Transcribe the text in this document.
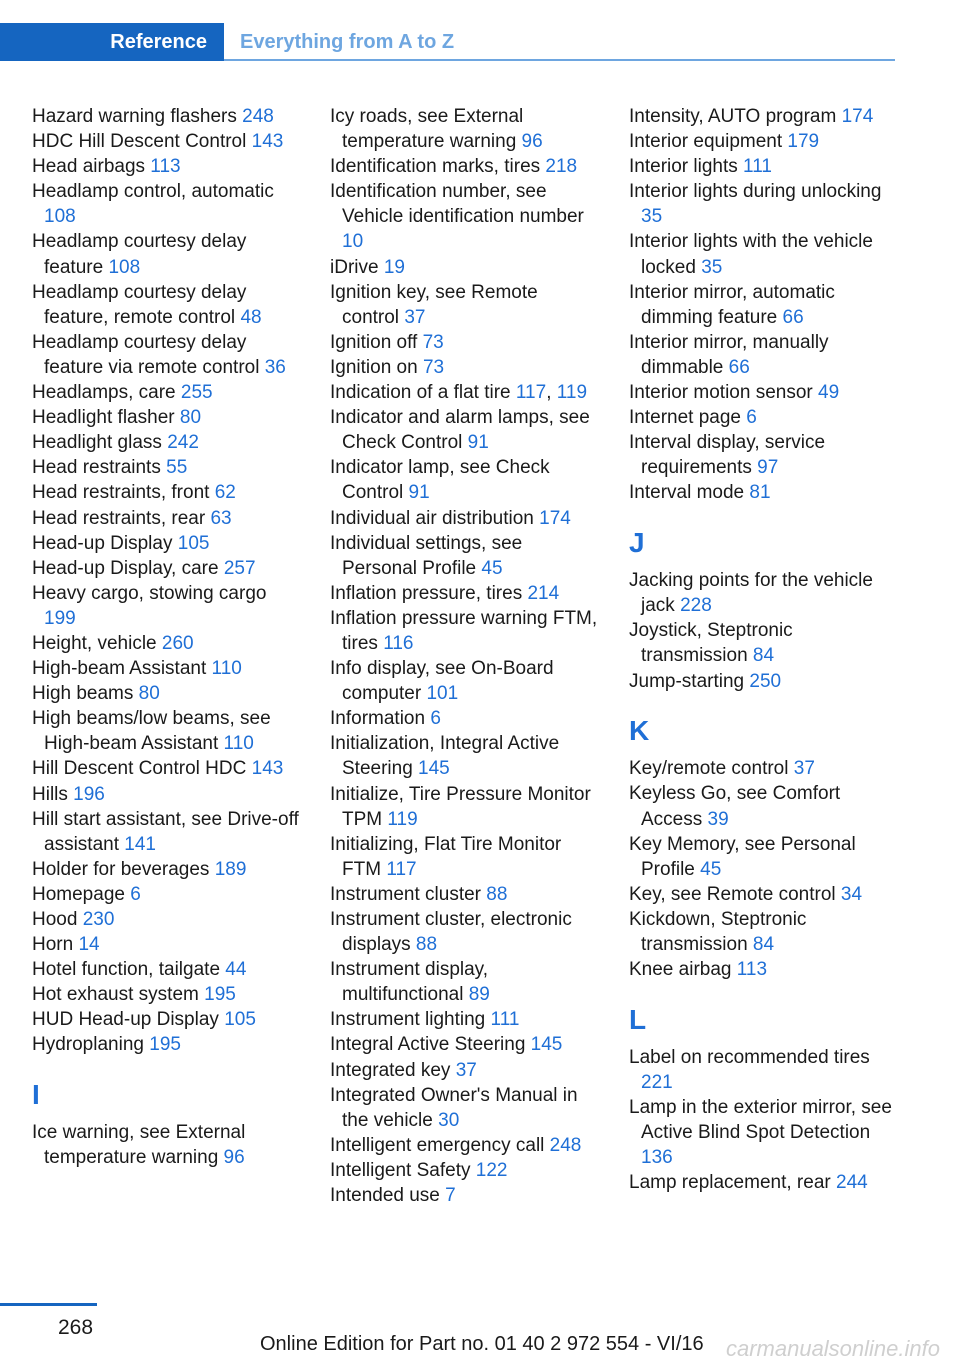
Reference Everything from A to Z

Hazard warning flashers 248

HDC Hill Descent Control 143

Head airbags 113

Headlamp control, automatic 108

Headlamp courtesy delay feature 108

Headlamp courtesy delay feature, remote control 48

Headlamp courtesy delay feature via remote control 36

Headlamps, care 255

Headlight flasher 80

Headlight glass 242

Head restraints 55

Head restraints, front 62

Head restraints, rear 63

Head-up Display 105

Head-up Display, care 257

Heavy cargo, stowing cargo 199

Height, vehicle 260

High-beam Assistant 110

High beams 80

High beams/low beams, see High-beam Assistant 110

Hill Descent Control HDC 143

Hills 196

Hill start assistant, see Drive-off assistant 141

Holder for beverages 189

Homepage 6

Hood 230

Horn 14

Hotel function, tailgate 44

Hot exhaust system 195

HUD Head-up Display 105

Hydroplaning 195

I

Ice warning, see External temperature warning 96

Icy roads, see External temperature warning 96

Identification marks, tires 218

Identification number, see Vehicle identification number 10

iDrive 19

Ignition key, see Remote control 37

Ignition off 73

Ignition on 73

Indication of a flat tire 117, 119

Indicator and alarm lamps, see Check Control 91

Indicator lamp, see Check Control 91

Individual air distribution 174

Individual settings, see Personal Profile 45

Inflation pressure, tires 214

Inflation pressure warning FTM, tires 116

Info display, see On-Board computer 101

Information 6

Initialization, Integral Active Steering 145

Initialize, Tire Pressure Monitor TPM 119

Initializing, Flat Tire Monitor FTM 117

Instrument cluster 88

Instrument cluster, electronic displays 88

Instrument display, multifunctional 89

Instrument lighting 111

Integral Active Steering 145

Integrated key 37

Integrated Owner's Manual in the vehicle 30

Intelligent emergency call 248

Intelligent Safety 122

Intended use 7

Intensity, AUTO program 174

Interior equipment 179

Interior lights 111

Interior lights during unlocking 35

Interior lights with the vehicle locked 35

Interior mirror, automatic dimming feature 66

Interior mirror, manually dimmable 66

Interior motion sensor 49

Internet page 6

Interval display, service requirements 97

Interval mode 81

J

Jacking points for the vehicle jack 228

Joystick, Steptronic transmission 84

Jump-starting 250

K

Key/remote control 37

Keyless Go, see Comfort Access 39

Key Memory, see Personal Profile 45

Key, see Remote control 34

Kickdown, Steptronic transmission 84

Knee airbag 113

L

Label on recommended tires 221

Lamp in the exterior mirror, see Active Blind Spot Detection 136

Lamp replacement, rear 244

268
Online Edition for Part no. 01 40 2 972 554 - VI/16 carmanualsonline.info
